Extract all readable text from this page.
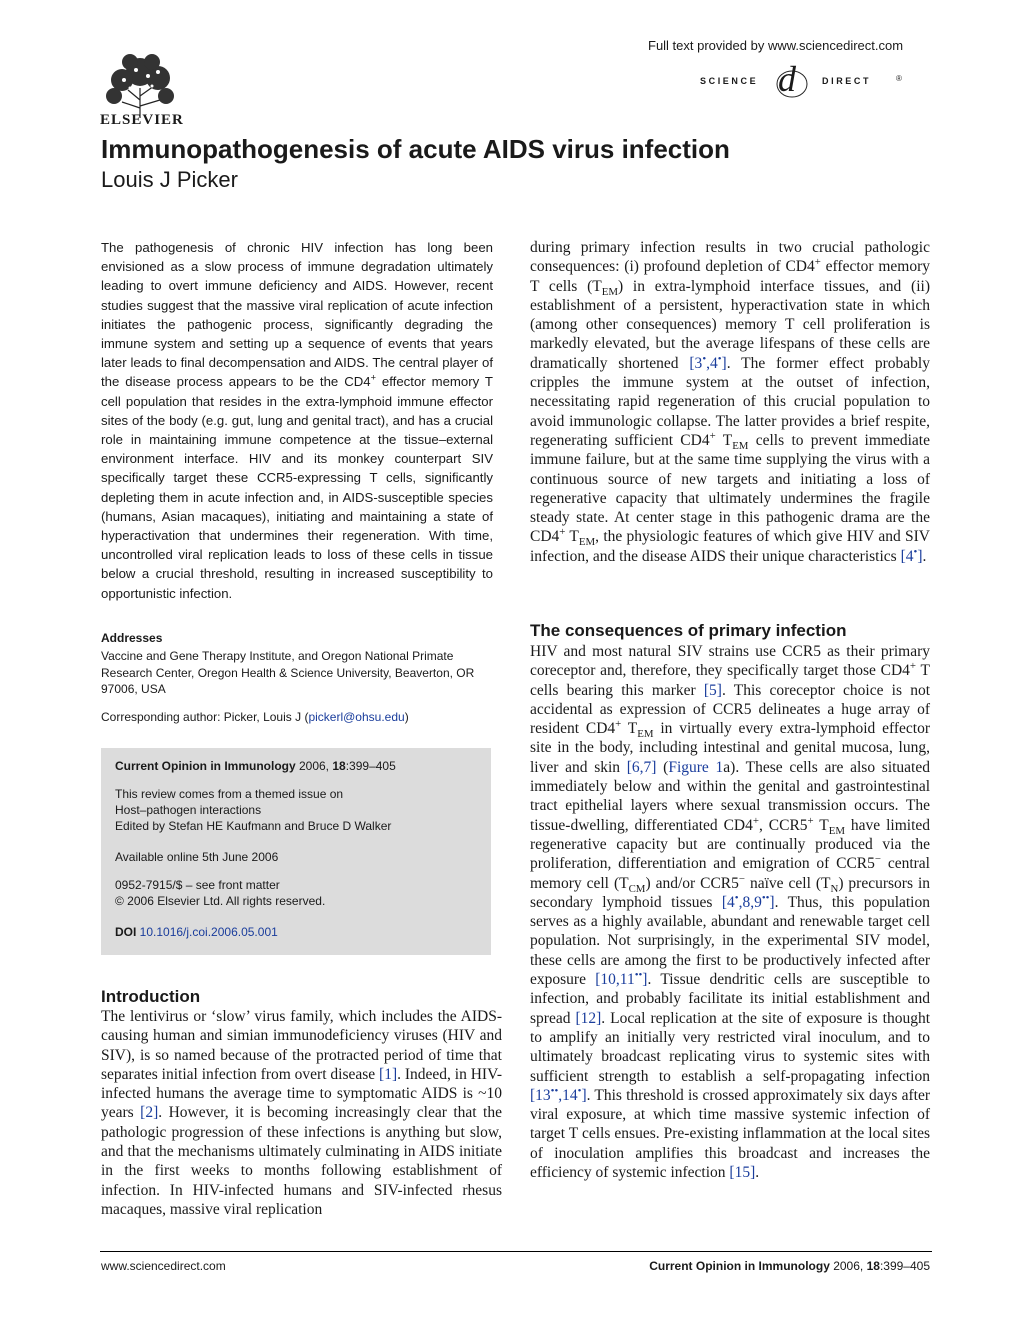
ELSEVIER
Full text provided by www.sciencedirect.com
SCIENCE d	DIRECT	®
Immunopathogenesis of acute AIDS virus infection
Louis J Picker
The pathogenesis of chronic HIV infection has long been envisioned as a slow process of immune degradation ultimately leading to overt immune deficiency and AIDS. However, recent studies suggest that the massive viral replication of acute infection initiates the pathogenic process, significantly degrading the immune system and setting up a sequence of events that years later leads to final decompensation and AIDS. The central player of the disease process appears to be the CD4+ effector memory T cell population that resides in the extra-lymphoid immune effector sites of the body (e.g. gut, lung and genital tract), and has a crucial role in maintaining immune competence at the tissue–external environment interface. HIV and its monkey counterpart SIV specifically target these CCR5-expressing T cells, significantly depleting them in acute infection and, in AIDS-susceptible species (humans, Asian macaques), initiating and maintaining a state of hyperactivation that undermines their regeneration. With time, uncontrolled viral replication leads to loss of these cells in tissue below a crucial threshold, resulting in increased susceptibility to opportunistic infection.
Addresses
Vaccine and Gene Therapy Institute, and Oregon National Primate Research Center, Oregon Health & Science University, Beaverton, OR 97006, USA
Corresponding author: Picker, Louis J (pickerl@ohsu.edu)
Current Opinion in Immunology 2006, 18:399–405
This review comes from a themed issue on
Host–pathogen interactions
Edited by Stefan HE Kaufmann and Bruce D Walker
Available online 5th June 2006
0952-7915/$ – see front matter
© 2006 Elsevier Ltd. All rights reserved.
DOI 10.1016/j.coi.2006.05.001
Introduction
The lentivirus or ‘slow’ virus family, which includes the AIDS-causing human and simian immunodeficiency viruses (HIV and SIV), is so named because of the protracted period of time that separates initial infection from overt disease [1]. Indeed, in HIV-infected humans the average time to symptomatic AIDS is ~10 years [2]. However, it is becoming increasingly clear that the pathologic progression of these infections is anything but slow, and that the mechanisms ultimately culminating in AIDS initiate in the first weeks to months following establishment of infection. In HIV-infected humans and SIV-infected rhesus macaques, massive viral replication
during primary infection results in two crucial pathologic consequences: (i) profound depletion of CD4+ effector memory T cells $(T_{EM})$ in extra-lymphoid interface tissues, and (ii) establishment of a persistent, hyperactivation state in which (among other consequences) memory T cell proliferation is markedly elevated, but the average lifespans of these cells are dramatically shortened [3•,4•]. The former effect probably cripples the immune system at the outset of infection, necessitating rapid regeneration of this crucial population to avoid immunologic collapse. The latter provides a brief respite, regenerating sufficient CD4+ $T_{EM}$ cells to prevent immediate immune failure, but at the same time supplying the virus with a continuous source of new targets and initiating a loss of regenerative capacity that ultimately undermines the fragile steady state. At center stage in this pathogenic drama are the CD4+ $T_{EM}$, the physiologic features of which give HIV and SIV infection, and the disease AIDS their unique characteristics [4•].
The consequences of primary infection
HIV and most natural SIV strains use CCR5 as their primary coreceptor and, therefore, they specifically target those CD4+ T cells bearing this marker [5]. This coreceptor choice is not accidental as expression of CCR5 delineates a huge array of resident CD4+ $T_{EM}$ in virtually every extra-lymphoid effector site in the body, including intestinal and genital mucosa, lung, liver and skin [6,7] (Figure 1a). These cells are also situated immediately below and within the genital and gastrointestinal tract epithelial layers where sexual transmission occurs. The tissue-dwelling, differentiated CD4+, CCR5+ $T_{EM}$ have limited regenerative capacity but are continually produced via the proliferation, differentiation and emigration of CCR5− central memory cell $(T_{CM})$ and/or CCR5− naïve cell $(T_N)$ precursors in secondary lymphoid tissues [4•,8,9••]. Thus, this population serves as a highly available, abundant and renewable target cell population. Not surprisingly, in the experimental SIV model, these cells are among the first to be productively infected after exposure [10,11••]. Tissue dendritic cells are susceptible to infection, and probably facilitate its initial establishment and spread [12]. Local replication at the site of exposure is thought to amplify an initially very restricted viral inoculum, and to ultimately broadcast replicating virus to systemic sites with sufficient strength to establish a self-propagating infection [13••,14•]. This threshold is crossed approximately six days after viral exposure, at which time massive systemic infection of target T cells ensues. Pre-existing inflammation at the local sites of inoculation amplifies this broadcast and increases the efficiency of systemic infection [15].
www.sciencedirect.com	Current Opinion in Immunology 2006, 18:399–405
